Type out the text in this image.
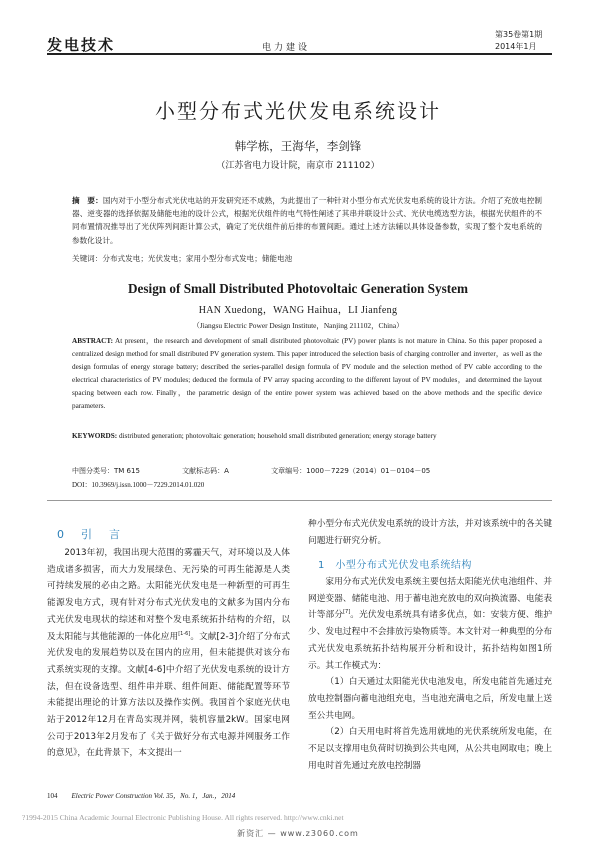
发电技术	电力建设
第35卷第1期
2014年1月
小型分布式光伏发电系统设计
韩学栋，王海华，李剑锋
（江苏省电力设计院，南京市 211102）
摘　要：国内对于小型分布式光伏电站的开发研究还不成熟，为此提出了一种针对小型分布式光伏发电系统的设计方法。介绍了充放电控制器、逆变器的选择依据及储能电池的设计公式，根据光伏组件的电气特性阐述了其串并联设计公式、光伏电缆选型方法，根据光伏组件的不同布置情况推导出了光伏阵列间距计算公式，确定了光伏组件前后排的布置间距。通过上述方法辅以具体设备参数，实现了整个发电系统的参数化设计。
关键词：分布式发电；光伏发电；家用小型分布式发电；储能电池
Design of Small Distributed Photovoltaic Generation System
HAN Xuedong，WANG Haihua，LI Jianfeng
（Jiangsu Electric Power Design Institute，Nanjing 211102，China）
ABSTRACT: At present，the research and development of small distributed photovoltaic (PV) power plants is not mature in China. So this paper proposed a centralized design method for small distributed PV generation system. This paper introduced the selection basis of charging controller and inverter，as well as the design formulas of energy storage battery; described the series-parallel design formula of PV module and the selection method of PV cable according to the electrical characteristics of PV modules; deduced the formula of PV array spacing according to the different layout of PV modules，and determined the layout spacing between each row. Finally，the parametric design of the entire power system was achieved based on the above methods and the specific device parameters.
KEYWORDS: distributed generation; photovoltaic generation; household small distributed generation; energy storage battery
中图分类号：TM 615	文献标志码：A	文章编号：1000－7229（2014）01－0104－05
DOI：10.3969/j.issn.1000－7229.2014.01.020
0　引　言

2013年初，我国出现大范围的雾霾天气，对环境以及人体造成诸多损害，而大力发展绿色、无污染的可再生能源是人类可持续发展的必由之路。太阳能光伏发电是一种新型的可再生能源发电方式，现有针对分布式光伏发电的文献多为国内分布式光伏发电现状的综述和对整个发电系统拓扑结构的介绍，以及太阳能与其他能源的一体化应用[1-6]。文献[2-3]介绍了分布式光伏发电的发展趋势以及在国内的应用，但未能提供对该分布式系统实现的支撑。文献[4-6]中介绍了光伏发电系统的设计方法，但在设备选型、组件串并联、组件间距、储能配置等环节未能提出理论的计算方法以及操作实例。我国首个家庭光伏电站于2012年12月在青岛实现并网，装机容量2kW。国家电网公司于2013年2月发布了《关于做好分布式电源并网服务工作的意见》，在此背景下，本文提出一

种小型分布式光伏发电系统的设计方法，并对该系统中的各关键问题进行研究分析。

1　小型分布式光伏发电系统结构

家用分布式光伏发电系统主要包括太阳能光伏电池组件、并网逆变器、储能电池、用于蓄电池充放电的双向换流器、电能表计等部分[7]。光伏发电系统具有诸多优点，如：安装方便、维护少、发电过程中不会排放污染物质等。本文针对一种典型的分布式光伏发电系统拓扑结构展开分析和设计，拓扑结构如图1所示。其工作模式为：

（1）白天通过太阳能光伏电池发电，所发电能首先通过充放电控制器向蓄电池组充电，当电池充满电之后，所发电量上送至公共电网。

（2）白天用电时将首先选用就地的光伏系统所发电能，在不足以支撑用电负荷时切换到公共电网，从公共电网取电；晚上用电时首先通过充放电控制器

104 Electric Power Construction Vol. 35，No. 1，Jan.，2014
?1994-2015 China Academic Journal Electronic Publishing House. All rights reserved. http://www.cnki.net
新资汇 — www.z3060.com
